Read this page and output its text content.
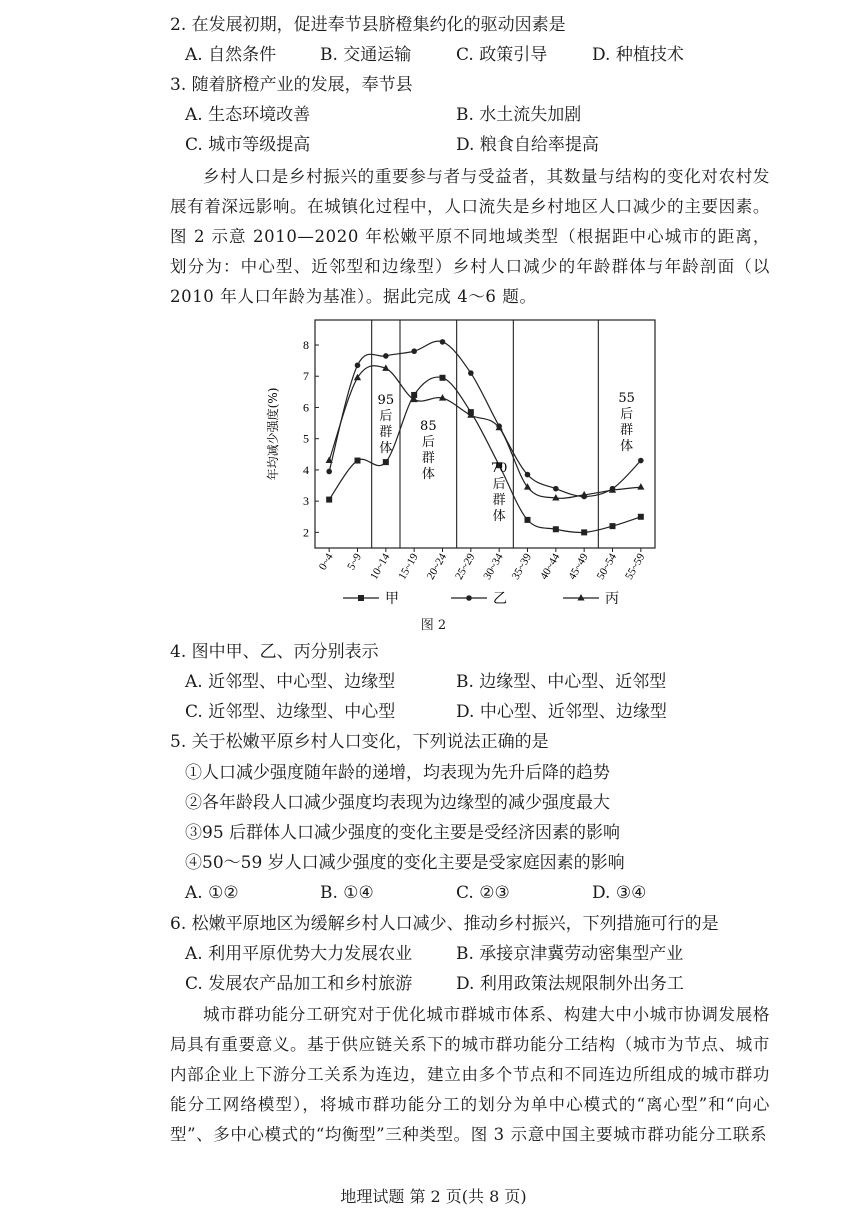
2. 在发展初期，促进奉节县脐橙集约化的驱动因素是
A. 自然条件	B. 交通运输	C. 政策引导	D. 种植技术
3. 随着脐橙产业的发展，奉节县
A. 生态环境改善	B. 水土流失加剧
C. 城市等级提高	D. 粮食自给率提高
乡村人口是乡村振兴的重要参与者与受益者，其数量与结构的变化对农村发展有着深远影响。在城镇化过程中，人口流失是乡村地区人口减少的主要因素。图 2 示意 2010—2020 年松嫩平原不同地域类型（根据距中心城市的距离，划分为：中心型、近邻型和边缘型）乡村人口减少的年龄群体与年龄剖面（以 2010 年人口年龄为基准）。据此完成 4～6 题。
2
3
4
5
6
7
8
年均减少强度(%)
0~4 5~9 10~14 15~19 20~24 25~29 30~34 35~39 40~44 45~49 50~54 55~59
95
后
群
体
85
后
群
体	70
后
群
体
55
后
群
体
甲	乙	丙
图 2
4. 图中甲、乙、丙分别表示
A. 近邻型、中心型、边缘型	B. 边缘型、中心型、近邻型
C. 近邻型、边缘型、中心型	D. 中心型、近邻型、边缘型
5. 关于松嫩平原乡村人口变化，下列说法正确的是
①人口减少强度随年龄的递增，均表现为先升后降的趋势
②各年龄段人口减少强度均表现为边缘型的减少强度最大
③95 后群体人口减少强度的变化主要是受经济因素的影响
④50～59 岁人口减少强度的变化主要是受家庭因素的影响
A. ①②	B. ①④	C. ②③	D. ③④
6. 松嫩平原地区为缓解乡村人口减少、推动乡村振兴，下列措施可行的是
A. 利用平原优势大力发展农业	B. 承接京津冀劳动密集型产业
C. 发展农产品加工和乡村旅游	D. 利用政策法规限制外出务工
城市群功能分工研究对于优化城市群城市体系、构建大中小城市协调发展格局具有重要意义。基于供应链关系下的城市群功能分工结构（城市为节点、城市内部企业上下游分工关系为连边，建立由多个节点和不同连边所组成的城市群功能分工网络模型），将城市群功能分工的划分为单中心模式的“离心型”和“向心型”、多中心模式的“均衡型”三种类型。图 3 示意中国主要城市群功能分工联系
地理试题 第 2 页(共 8 页)
